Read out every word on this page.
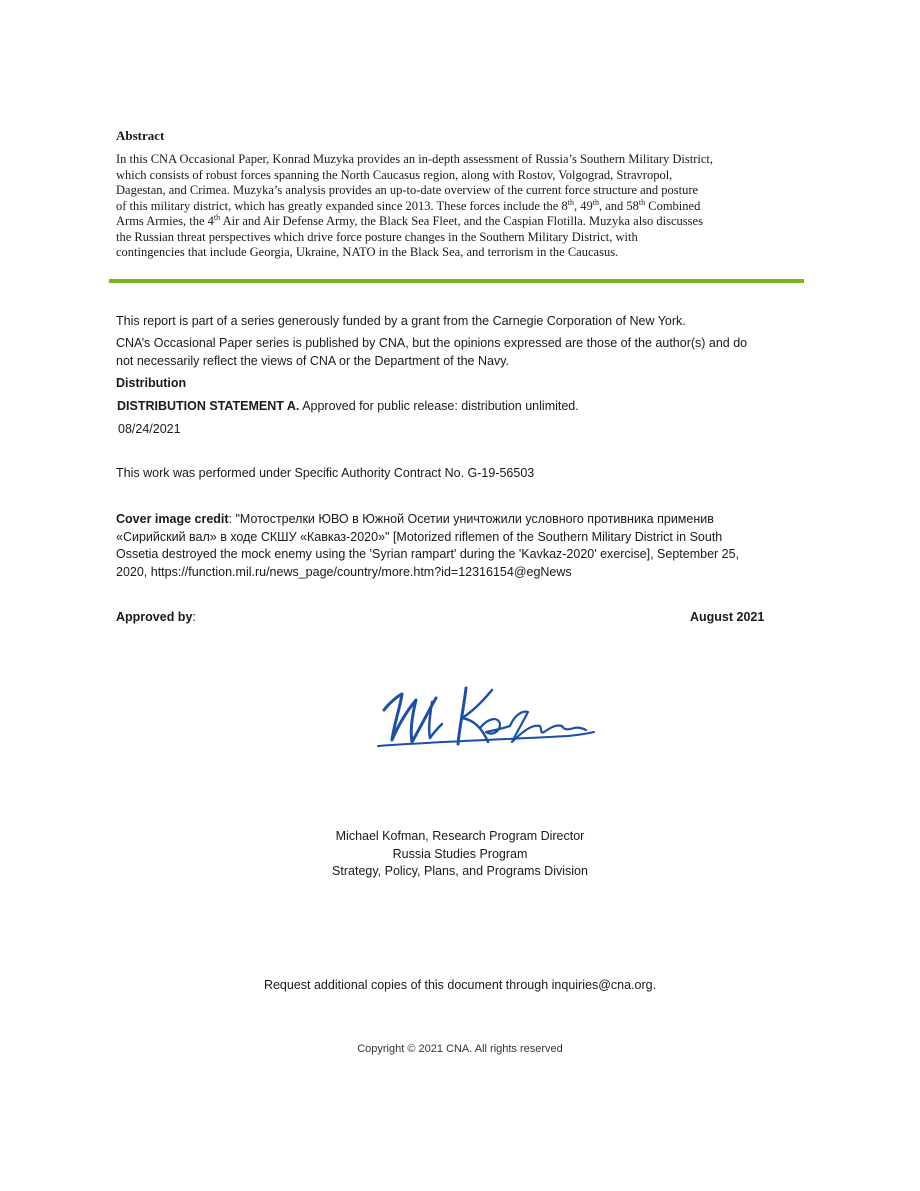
Abstract
In this CNA Occasional Paper, Konrad Muzyka provides an in-depth assessment of Russia’s Southern Military District,
which consists of robust forces spanning the North Caucasus region, along with Rostov, Volgograd, Stravropol,
Dagestan, and Crimea. Muzyka’s analysis provides an up-to-date overview of the current force structure and posture
of this military district, which has greatly expanded since 2013. These forces include the 8th, 49th, and 58th Combined
Arms Armies, the 4th Air and Air Defense Army, the Black Sea Fleet, and the Caspian Flotilla. Muzyka also discusses
the Russian threat perspectives which drive force posture changes in the Southern Military District, with
contingencies that include Georgia, Ukraine, NATO in the Black Sea, and terrorism in the Caucasus.
This report is part of a series generously funded by a grant from the Carnegie Corporation of New York.
CNA’s Occasional Paper series is published by CNA, but the opinions expressed are those of the author(s) and do
not necessarily reflect the views of CNA or the Department of the Navy.
Distribution
DISTRIBUTION STATEMENT A. Approved for public release: distribution unlimited.
08/24/2021
This work was performed under Specific Authority Contract No. G-19-56503
Cover image credit: "Мотострелки ЮВО в Южной Осетии уничтожили условного противника применив
«Сирийский вал» в ходе СКШУ «Кавказ-2020»" [Motorized riflemen of the Southern Military District in South
Ossetia destroyed the mock enemy using the 'Syrian rampart' during the 'Kavkaz-2020' exercise], September 25,
2020, https://function.mil.ru/news_page/country/more.htm?id=12316154@egNews
Approved by:	August 2021
Michael Kofman, Research Program Director
Russia Studies Program
Strategy, Policy, Plans, and Programs Division
Request additional copies of this document through inquiries@cna.org.
Copyright © 2021 CNA. All rights reserved
